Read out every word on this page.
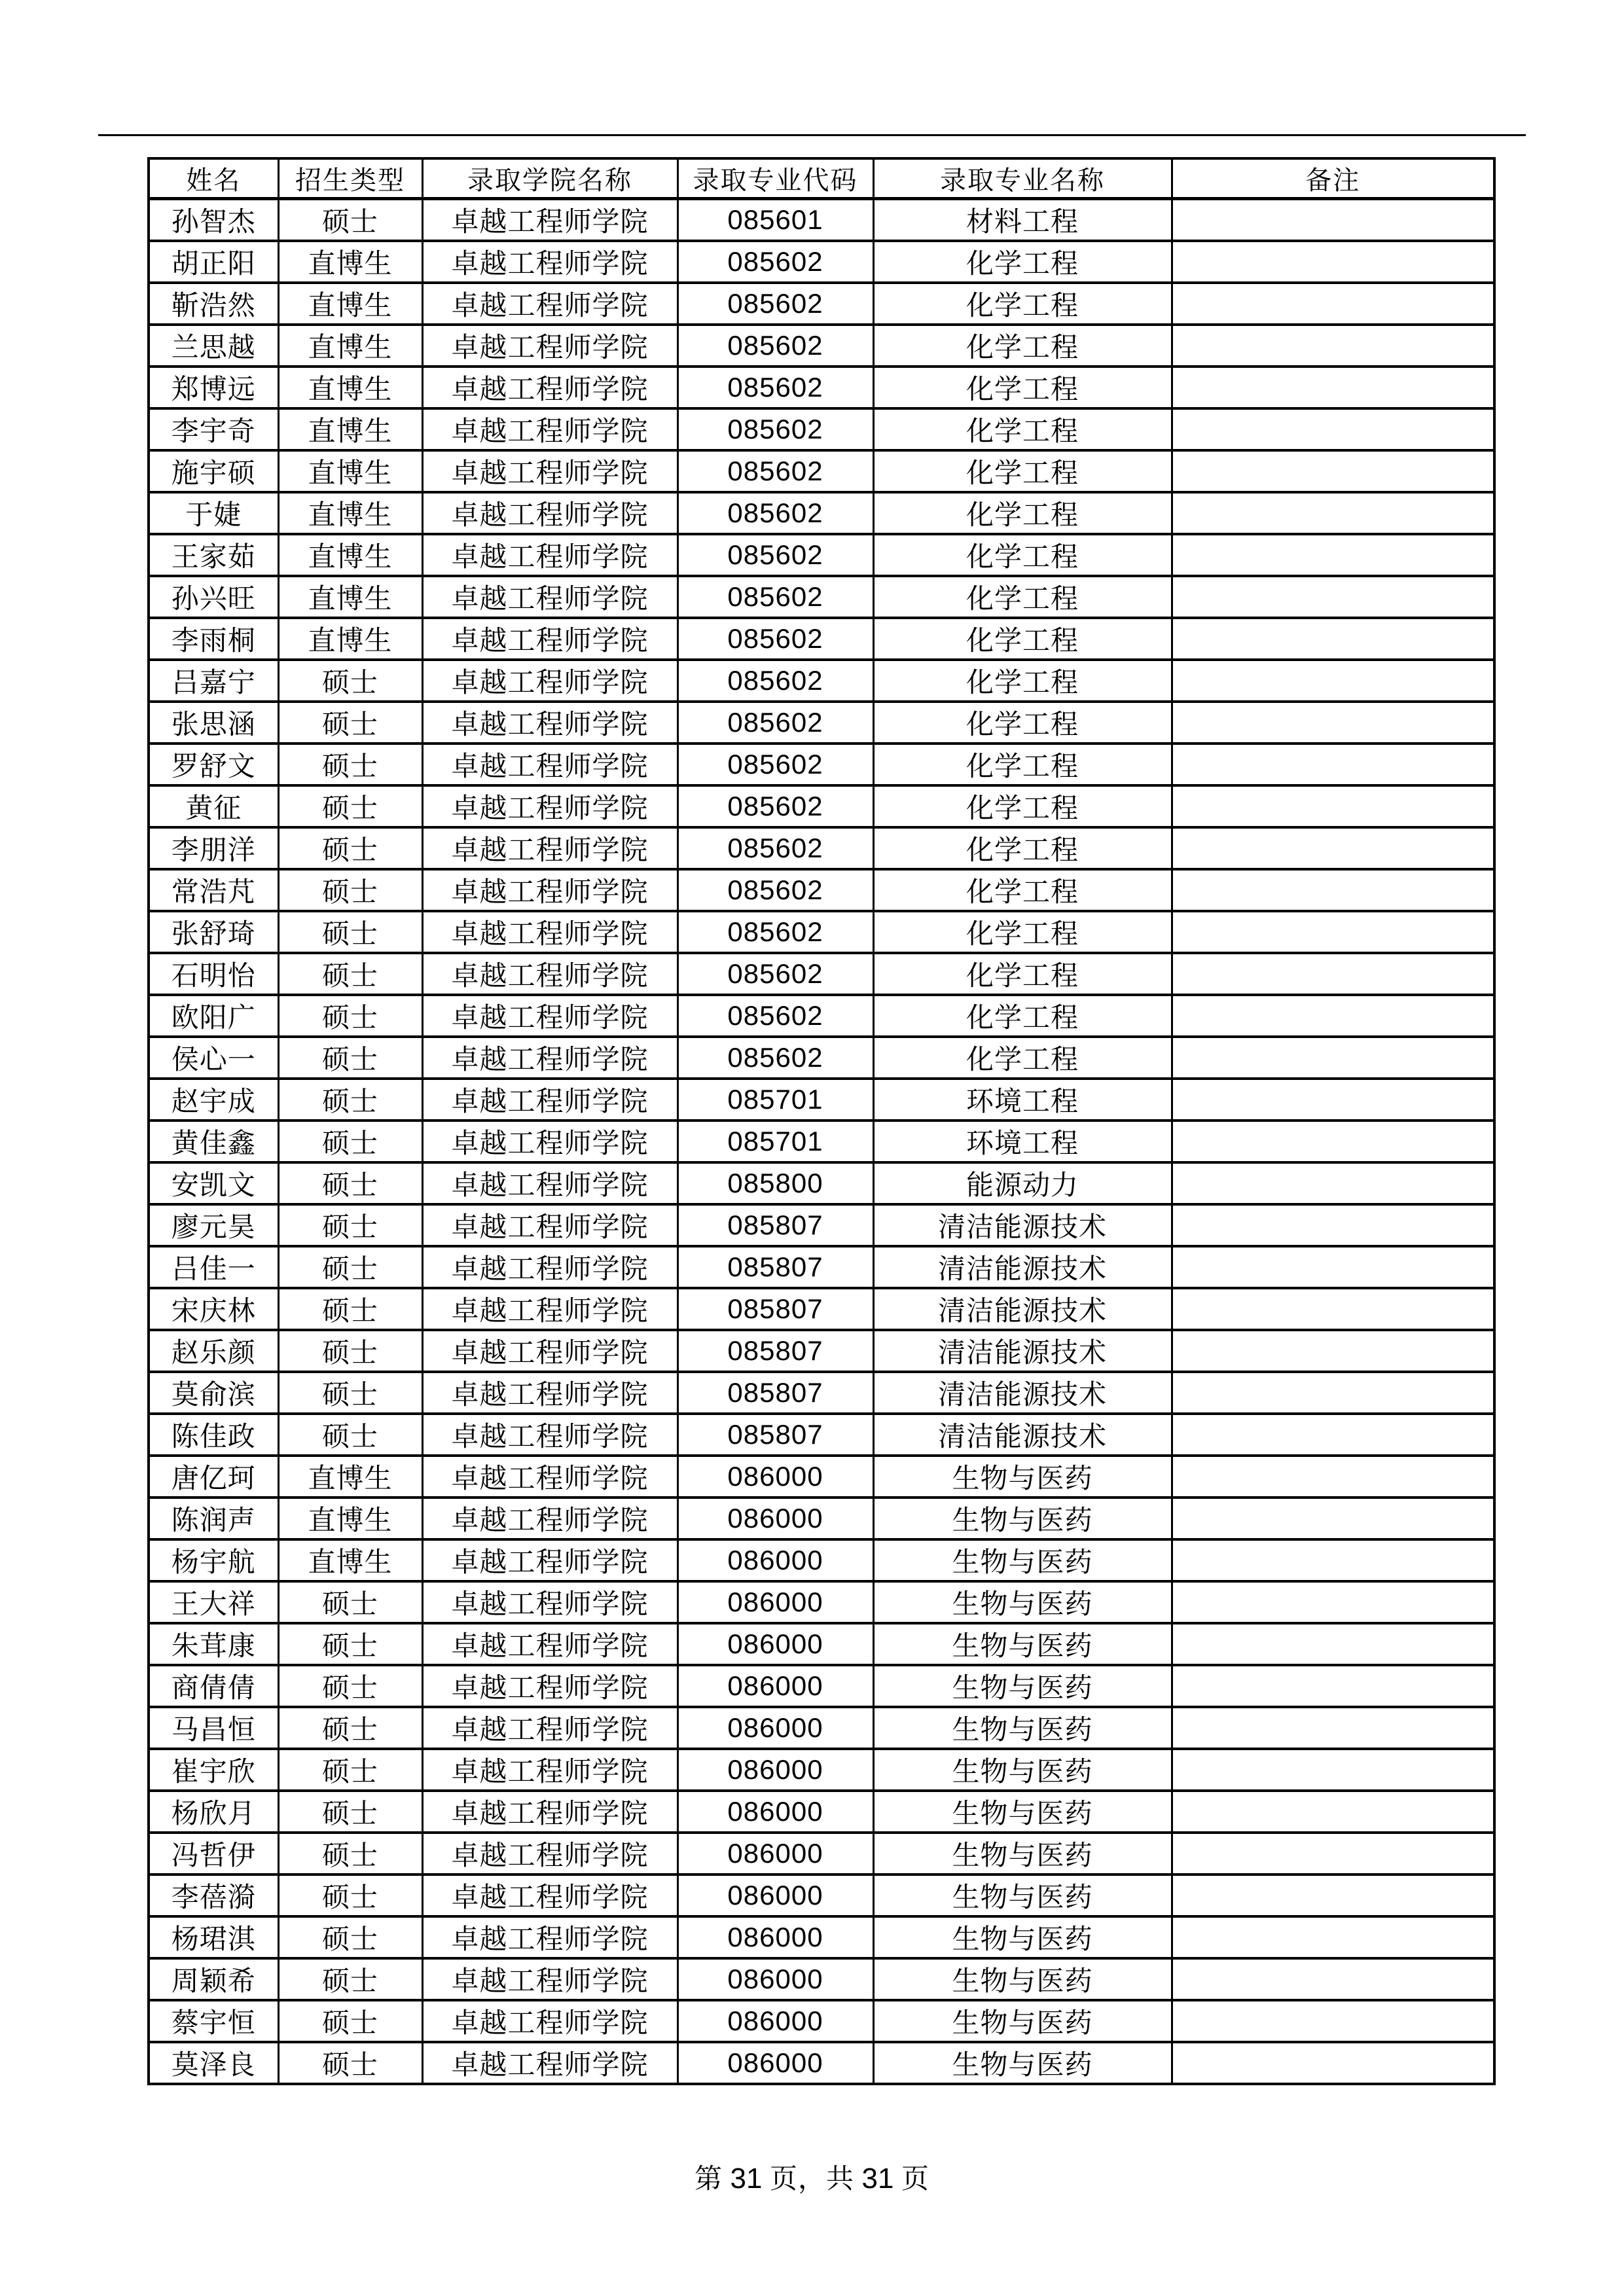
姓名	招生类型	录取学院名称	录取专业代码	录取专业名称	备注
孙智杰	硕士	卓越工程师学院	085601	材料工程	
胡正阳	直博生	卓越工程师学院	085602	化学工程	
靳浩然	直博生	卓越工程师学院	085602	化学工程	
兰思越	直博生	卓越工程师学院	085602	化学工程	
郑博远	直博生	卓越工程师学院	085602	化学工程	
李宇奇	直博生	卓越工程师学院	085602	化学工程	
施宇硕	直博生	卓越工程师学院	085602	化学工程	
于婕	直博生	卓越工程师学院	085602	化学工程	
王家茹	直博生	卓越工程师学院	085602	化学工程	
孙兴旺	直博生	卓越工程师学院	085602	化学工程	
李雨桐	直博生	卓越工程师学院	085602	化学工程	
吕嘉宁	硕士	卓越工程师学院	085602	化学工程	
张思涵	硕士	卓越工程师学院	085602	化学工程	
罗舒文	硕士	卓越工程师学院	085602	化学工程	
黄征	硕士	卓越工程师学院	085602	化学工程	
李朋洋	硕士	卓越工程师学院	085602	化学工程	
常浩芃	硕士	卓越工程师学院	085602	化学工程	
张舒琦	硕士	卓越工程师学院	085602	化学工程	
石明怡	硕士	卓越工程师学院	085602	化学工程	
欧阳广	硕士	卓越工程师学院	085602	化学工程	
侯心一	硕士	卓越工程师学院	085602	化学工程	
赵宇成	硕士	卓越工程师学院	085701	环境工程	
黄佳鑫	硕士	卓越工程师学院	085701	环境工程	
安凯文	硕士	卓越工程师学院	085800	能源动力	
廖元昊	硕士	卓越工程师学院	085807	清洁能源技术	
吕佳一	硕士	卓越工程师学院	085807	清洁能源技术	
宋庆林	硕士	卓越工程师学院	085807	清洁能源技术	
赵乐颜	硕士	卓越工程师学院	085807	清洁能源技术	
莫俞滨	硕士	卓越工程师学院	085807	清洁能源技术	
陈佳政	硕士	卓越工程师学院	085807	清洁能源技术	
唐亿珂	直博生	卓越工程师学院	086000	生物与医药	
陈润声	直博生	卓越工程师学院	086000	生物与医药	
杨宇航	直博生	卓越工程师学院	086000	生物与医药	
王大祥	硕士	卓越工程师学院	086000	生物与医药	
朱茸康	硕士	卓越工程师学院	086000	生物与医药	
商倩倩	硕士	卓越工程师学院	086000	生物与医药	
马昌恒	硕士	卓越工程师学院	086000	生物与医药	
崔宇欣	硕士	卓越工程师学院	086000	生物与医药	
杨欣月	硕士	卓越工程师学院	086000	生物与医药	
冯哲伊	硕士	卓越工程师学院	086000	生物与医药	
李蓓漪	硕士	卓越工程师学院	086000	生物与医药	
杨珺淇	硕士	卓越工程师学院	086000	生物与医药	
周颖希	硕士	卓越工程师学院	086000	生物与医药	
蔡宇恒	硕士	卓越工程师学院	086000	生物与医药	
莫泽良	硕士	卓越工程师学院	086000	生物与医药	
第 31 页，共 31 页
